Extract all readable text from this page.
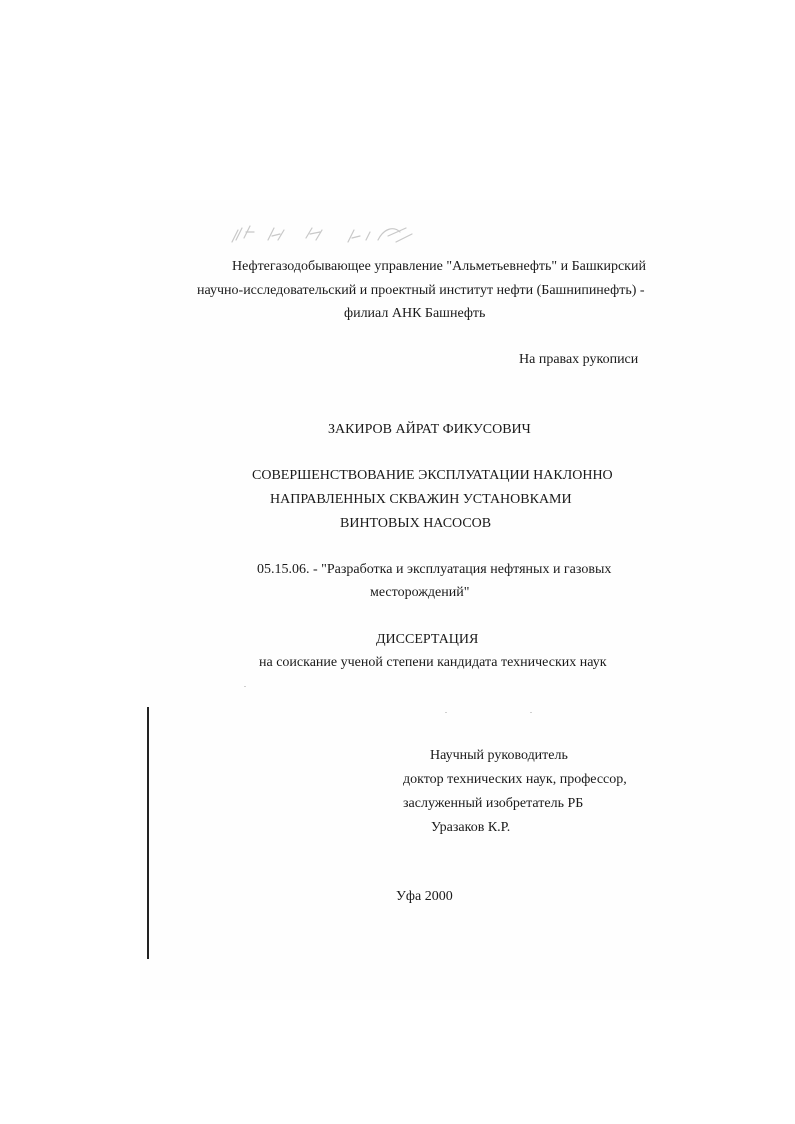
Нефтегазодобывающее управление "Альметьевнефть" и Башкирский
научно-исследовательский и проектный институт нефти (Башнипинефть) -
филиал АНК Башнефть
На правах рукописи
ЗАКИРОВ АЙРАТ ФИКУСОВИЧ
СОВЕРШЕНСТВОВАНИЕ ЭКСПЛУАТАЦИИ НАКЛОННО
НАПРАВЛЕННЫХ СКВАЖИН УСТАНОВКАМИ
ВИНТОВЫХ НАСОСОВ
05.15.06. - "Разработка и эксплуатация нефтяных и газовых
месторождений"
ДИССЕРТАЦИЯ
на соискание ученой степени кандидата технических наук
Научный руководитель
доктор технических наук, профессор,
заслуженный изобретатель РБ
Уразаков К.Р.
Уфа 2000
